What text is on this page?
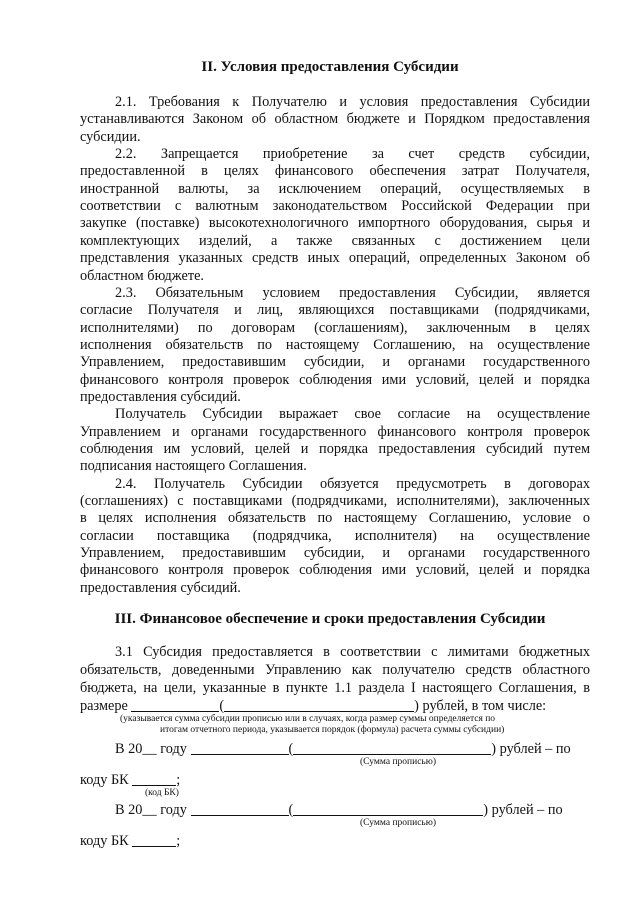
II. Условия предоставления Субсидии
2.1. Требования к Получателю и условия предоставления Субсидии
устанавливаются Законом об областном бюджете и Порядком предоставления
субсидии.
2.2. Запрещается приобретение за счет средств субсидии,
предоставленной в целях финансового обеспечения затрат Получателя,
иностранной валюты, за исключением операций, осуществляемых в
соответствии с валютным законодательством Российской Федерации при
закупке (поставке) высокотехнологичного импортного оборудования, сырья и
комплектующих изделий, а также связанных с достижением цели
представления указанных средств иных операций, определенных Законом об
областном бюджете.
2.3. Обязательным условием предоставления Субсидии, является
согласие Получателя и лиц, являющихся поставщиками (подрядчиками,
исполнителями) по договорам (соглашениям), заключенным в целях
исполнения обязательств по настоящему Соглашению, на осуществление
Управлением, предоставившим субсидии, и органами государственного
финансового контроля проверок соблюдения ими условий, целей и порядка
предоставления субсидий.
Получатель Субсидии выражает свое согласие на осуществление
Управлением и органами государственного финансового контроля проверок
соблюдения им условий, целей и порядка предоставления субсидий путем
подписания настоящего Соглашения.
2.4. Получатель Субсидии обязуется предусмотреть в договорах
(соглашениях) с поставщиками (подрядчиками, исполнителями), заключенных
в целях исполнения обязательств по настоящему Соглашению, условие о
согласии поставщика (подрядчика, исполнителя) на осуществление
Управлением, предоставившим субсидии, и органами государственного
финансового контроля проверок соблюдения ими условий, целей и порядка
предоставления субсидий.
III. Финансовое обеспечение и сроки предоставления Субсидии
3.1 Субсидия предоставляется в соответствии с лимитами бюджетных
обязательств, доведенными Управлению как получателю средств областного
бюджета, на цели, указанные в пункте 1.1 раздела I настоящего Соглашения, в
размере	(	) рублей, в том числе:
(указывается сумма субсидии прописью или в случаях, когда размер суммы определяется по
итогам отчетного периода, указывается порядок (формула) расчета суммы субсидии)
В 20__ году	(	) рублей – по
(Сумма прописью)
коду БК	;
(код БК)
В 20__ году	(	) рублей – по
(Сумма прописью)
коду БК	;
